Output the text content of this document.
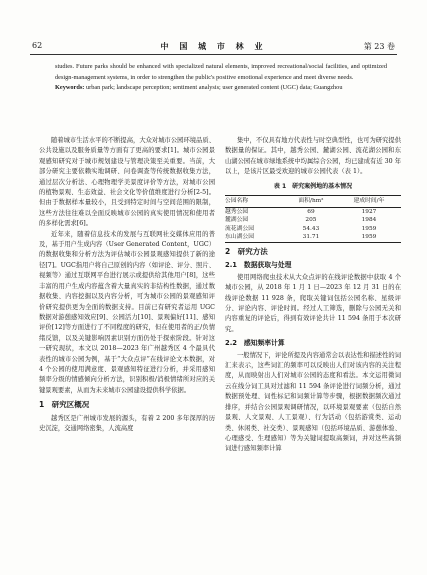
62	中 国 城 市 林 业	第 23 卷

studies. Future parks should be enhanced with specialized natural elements, improved recreational/social facilities, and optimized design-management systems, in order to strengthen the public's positive emotional experience and meet diverse needs.

Keywords: urban park; landscape perception; sentiment analysis; user generated content (UGC) data; Guangzhou

随着城市生活水平的不断提高，大众对城市公园环境品质、公共设施以及服务质量等方面有了更高的要求[1]。城市公园景观感知研究对于城市规划建设与管理决策至关重要。当前，大部分研究主要依赖实地调研、问卷调查等传统数据收集方法，通过层次分析法、心理物理学美景度评价等方法，对城市公园的植物景观、生态效益、社会文化等价值维度进行分析[2-5]。但由于数据样本量较小，且受到特定时间与空间范围的限制，这些方法往往难以全面反映城市公园的真实使用情况和使用者的多样化需求[6]。

近年来，随着信息技术的发展与互联网社交媒体应用的普及，基于用户生成内容（User Generated Content，UGC）的数据收集和分析方法为评估城市公园景观感知提供了新的途径[7]。UGC指用户将自己原创的内容（如评论、评分、照片、视频等）通过互联网平台进行展示或提供给其他用户[8]，这些丰富的用户生成内容蕴含着大量真实的非结构性数据，通过数据收集、内容挖掘以及内容分析，可为城市公园的景观感知评价研究提供更为全面的数据支持。目前已有研究者运用 UGC 数据对游憩感知效应[9]、公园活力[10]、景观偏好[11]、感知评价[12]等方面进行了不同程度的研究，但在使用者的正/负情绪反馈，以及关键影响因素识别方面仍处于探索阶段。针对这一研究现状，本文以 2018—2023 年广州越秀区 4 个最具代表性的城市公园为例，基于“大众点评”在线评论文本数据，对 4 个公园的使用满意度、景观感知特征进行分析，并采用感知频率分级的情感倾向分析方法，识别积极/消极情绪所对应的关键景观要素，从而为未来城市公园建设提供科学依据。

1　研究区概况

越秀区是广州城市发展的源头，有着 2 200 多年深厚的历史沉淀，交通网络密集，人流高度

集中，不仅具有地方代表性与时空典型性，也可为研究提供数据量的保证。其中，越秀公园、麓湖公园、流花湖公园和东山湖公园在城市绿地系统中均属综合公园，均已建成有近 30 年以上，是该片区最受欢迎的城市公园代表（表 1）。

表 1　研究案例地的基本情况
公园名称	面积/hm²	建成时间/年
越秀公园	69	1927
麓湖公园	205	1984
流花湖公园	54.43	1959
东山湖公园	31.71	1959
2　研究方法
2.1　数据获取与处理

使用网络爬虫技术从大众点评的在线评论数据中获取 4 个城市公园，从 2018 年 1 月 1 日—2023 年 12 月 31 日的在线评论数据 11 928 条，爬取关键词包括公园名称、星级评分、评论内容、评论时间。经过人工筛选，删除与公园无关和内容重复的评论后，得到有效评论共计 11 594 条用于本次研究。

2.2　感知频率计算

一般情况下，评论所提及内容通常会以表达性和描述性的词汇来表示，这些词汇的频率可以反映出人们对该内容的关注程度，从而映射出人们对城市公园的态度和看法。本文运用微词云在线分词工具对过滤和 11 594 条评论进行词频分析，通过数据预处理、词性标记和词频计算等步骤，根据数据频次通过排序，并结合公园景观调研情况，以环境景观要素（包括自然景观、人文景观、人工景观）、行为活动（包括游赏类、运动类、休闲类、社交类）、景观感知（包括环境品质、游憩体验、心理感受、生理感知）等为关键词提取高频词，并对这些高频词进行感知频率计算
